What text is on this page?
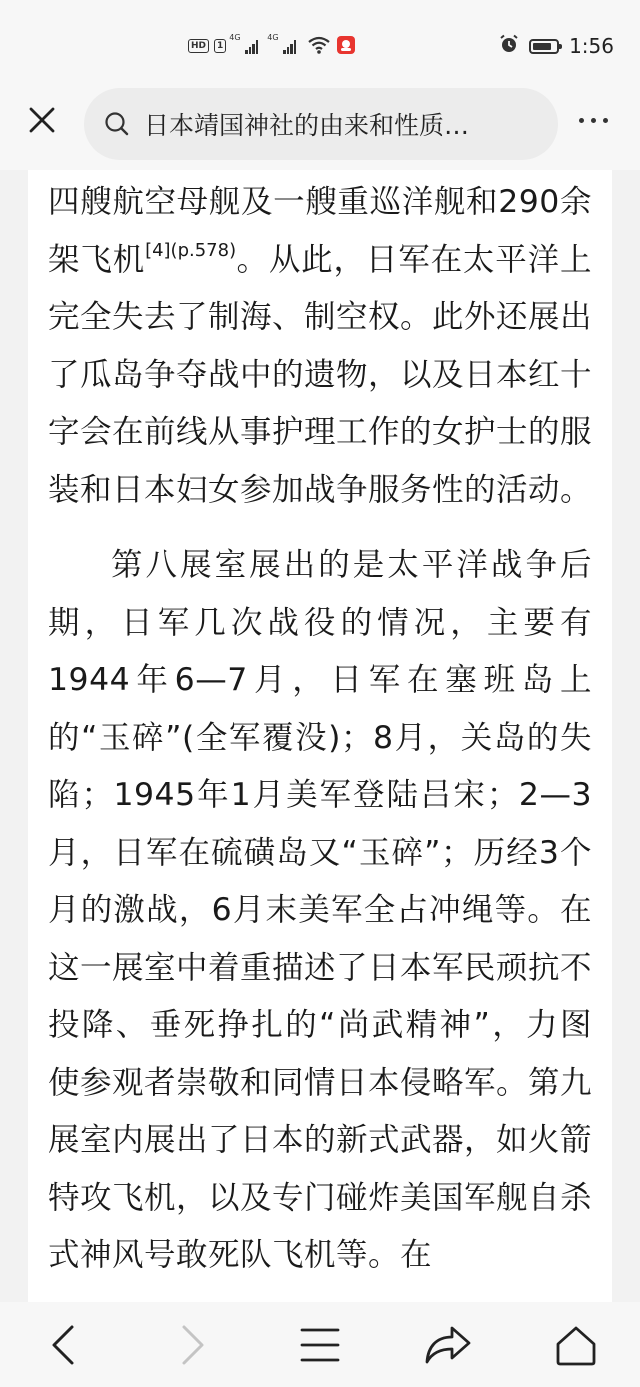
HD	1
4G	4G	1:56
日本靖国神社的由来和性质…

四艘航空母舰及一艘重巡洋舰和290余架飞机$^{[4](p.578)}$。从此，日军在太平洋上完全失去了制海、制空权。此外还展出了瓜岛争夺战中的遗物，以及日本红十字会在前线从事护理工作的女护士的服装和日本妇女参加战争服务性的活动。

第八展室展出的是太平洋战争后期，日军几次战役的情况，主要有1944年6—7月，日军在塞班岛上的“玉碎”(全军覆没)；8月，关岛的失陷；1945年1月美军登陆吕宋；2—3月，日军在硫磺岛又“玉碎”；历经3个月的激战，6月末美军全占冲绳等。在这一展室中着重描述了日本军民顽抗不投降、垂死挣扎的“尚武精神”，力图使参观者崇敬和同情日本侵略军。第九展室内展出了日本的新式武器，如火箭特攻飞机，以及专门碰炸美国军舰自杀式神风号敢死队飞机等。在
